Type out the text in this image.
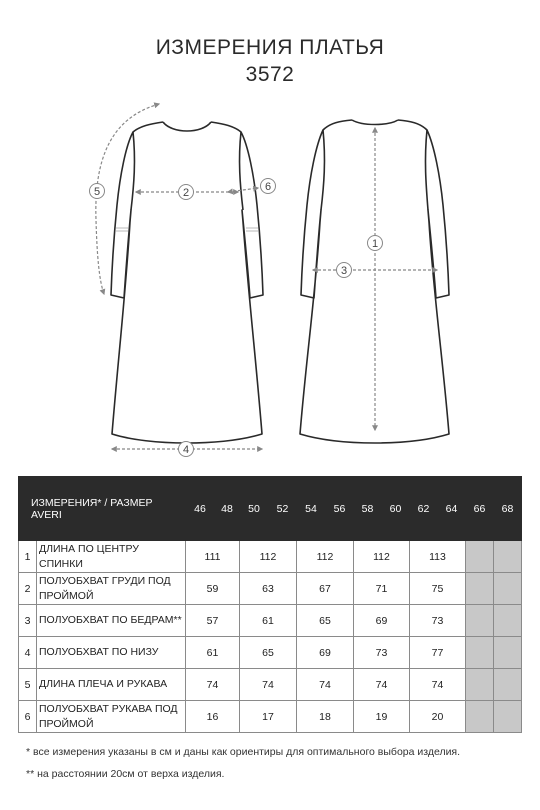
ИЗМЕРЕНИЯ ПЛАТЬЯ
3572
1
2
3
4
5	6
ИЗМЕРЕНИЯ* / РАЗМЕР AVERI		46	48	50	52	54	56	58	60	62	64	66	68
1	ДЛИНА ПО ЦЕНТРУ СПИНКИ	111		112		112		112		113			
2	ПОЛУОБХВАТ ГРУДИ ПОД ПРОЙМОЙ	59		63		67		71		75			
3	ПОЛУОБХВАТ ПО БЕДРАМ**	57		61		65		69		73			
4	ПОЛУОБХВАТ ПО НИЗУ	61		65		69		73		77			
5	ДЛИНА ПЛЕЧА И РУКАВА	74		74		74		74		74			
6	ПОЛУОБХВАТ РУКАВА ПОД ПРОЙМОЙ	16		17		18		19		20			
* все измерения указаны в см и даны как ориентиры для оптимального выбора изделия.
** на расстоянии 20см от верха изделия.
